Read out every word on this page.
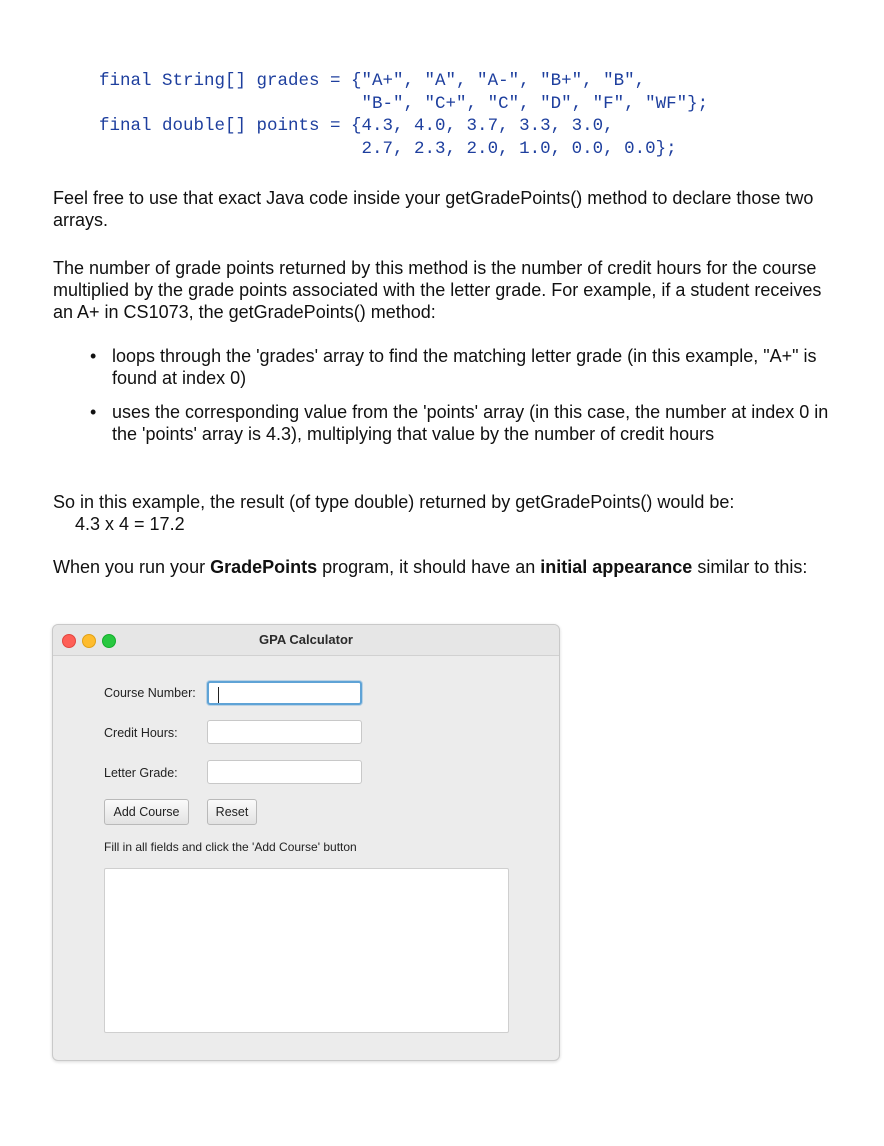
final String[] grades = {"A+", "A", "A-", "B+", "B",
"B-", "C+", "C", "D", "F", "WF"};
final double[] points = {4.3, 4.0, 3.7, 3.3, 3.0,
2.7, 2.3, 2.0, 1.0, 0.0, 0.0};

Feel free to use that exact Java code inside your getGradePoints() method to declare those two arrays.

The number of grade points returned by this method is the number of credit hours for the course multiplied by the grade points associated with the letter grade. For example, if a student receives an A+ in CS1073, the getGradePoints() method:

• loops through the 'grades' array to find the matching letter grade (in this example, "A+" is found at index 0)
• uses the corresponding value from the 'points' array (in this case, the number at index 0 in the 'points' array is 4.3), multiplying that value by the number of credit hours

So in this example, the result (of type double) returned by getGradePoints() would be:

4.3 x 4 = 17.2

When you run your GradePoints program, it should have an initial appearance similar to this:

GPA Calculator
Course Number:
Credit Hours:
Letter Grade:
Add Course	Reset
Fill in all fields and click the 'Add Course' button
